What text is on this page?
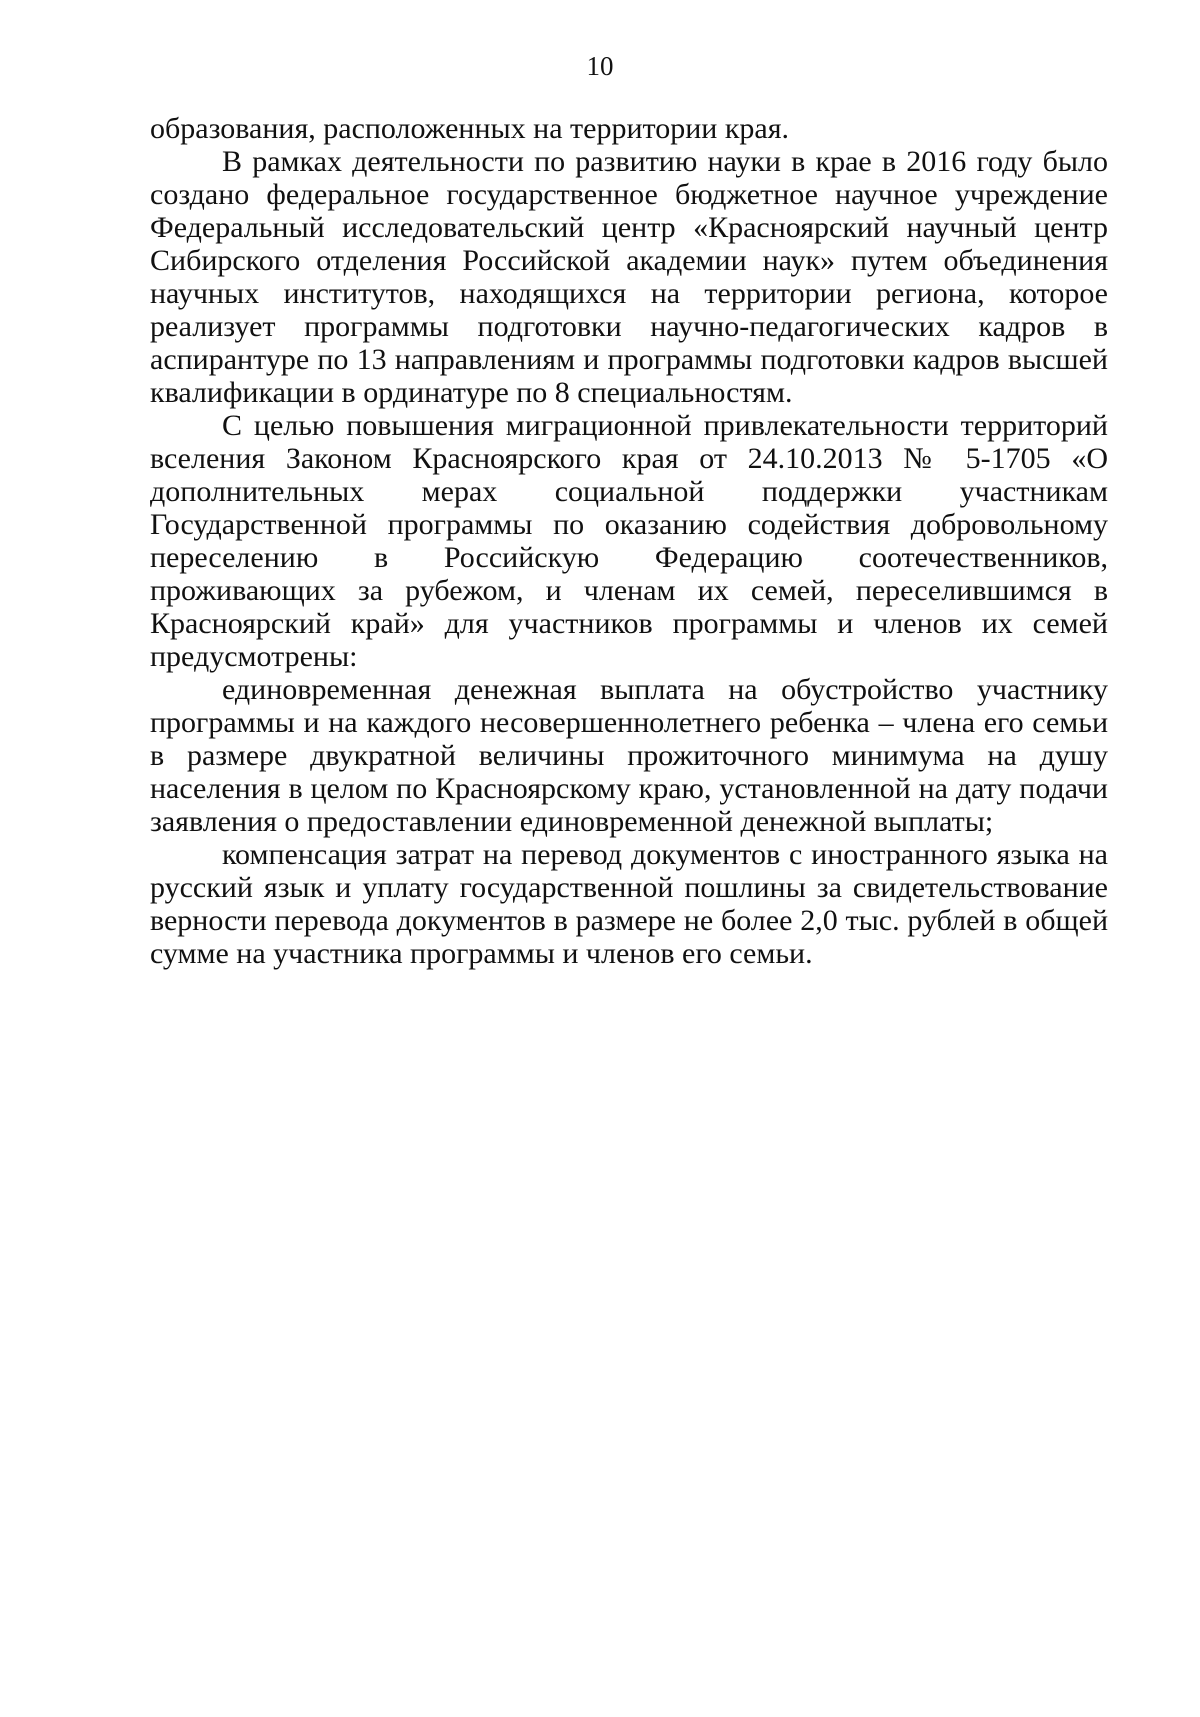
10

образования, расположенных на территории края.

В рамках деятельности по развитию науки в крае в 2016 году было создано федеральное государственное бюджетное научное учреждение Федеральный исследовательский центр «Красноярский научный центр Сибирского отделения Российской академии наук» путем объединения научных институтов, находящихся на территории региона, которое реализует программы подготовки научно-педагогических кадров в аспирантуре по 13 направлениям и программы подготовки кадров высшей квалификации в ординатуре по 8 специальностям.

С целью повышения миграционной привлекательности территорий вселения Законом Красноярского края от 24.10.2013 № 5-1705 «О дополнительных мерах социальной поддержки участникам Государственной программы по оказанию содействия добровольному переселению в Российскую Федерацию соотечественников, проживающих за рубежом, и членам их семей, переселившимся в Красноярский край» для участников программы и членов их семей предусмотрены:

единовременная денежная выплата на обустройство участнику программы и на каждого несовершеннолетнего ребенка – члена его семьи в размере двукратной величины прожиточного минимума на душу населения в целом по Красноярскому краю, установленной на дату подачи заявления о предоставлении единовременной денежной выплаты;

компенсация затрат на перевод документов с иностранного языка на русский язык и уплату государственной пошлины за свидетельствование верности перевода документов в размере не более 2,0 тыс. рублей в общей сумме на участника программы и членов его семьи.
